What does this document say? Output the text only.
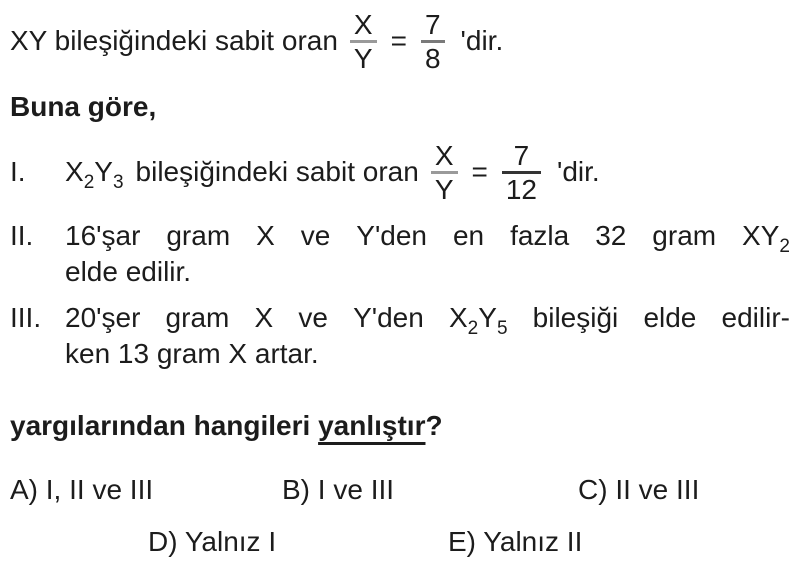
XY bileşiğindeki sabit oran $\frac{X}{Y} = \frac{7}{8}$ 'dir.
Buna göre,
I.	$X_2Y_3$ bileşiğindeki sabit oran $\frac{X}{Y} = \frac{7}{12}$ 'dir.
II.	16'şar gram X ve Y'den en fazla 32 gram $XY_2$
elde edilir.
III. 20'şer gram X ve Y'den $X_2Y_5$ bileşiği elde edilir-
ken 13 gram X artar.
yargılarından hangileri yanlıştır?
A) I, II ve III	B) I ve III	C) II ve III
D) Yalnız I	E) Yalnız II
